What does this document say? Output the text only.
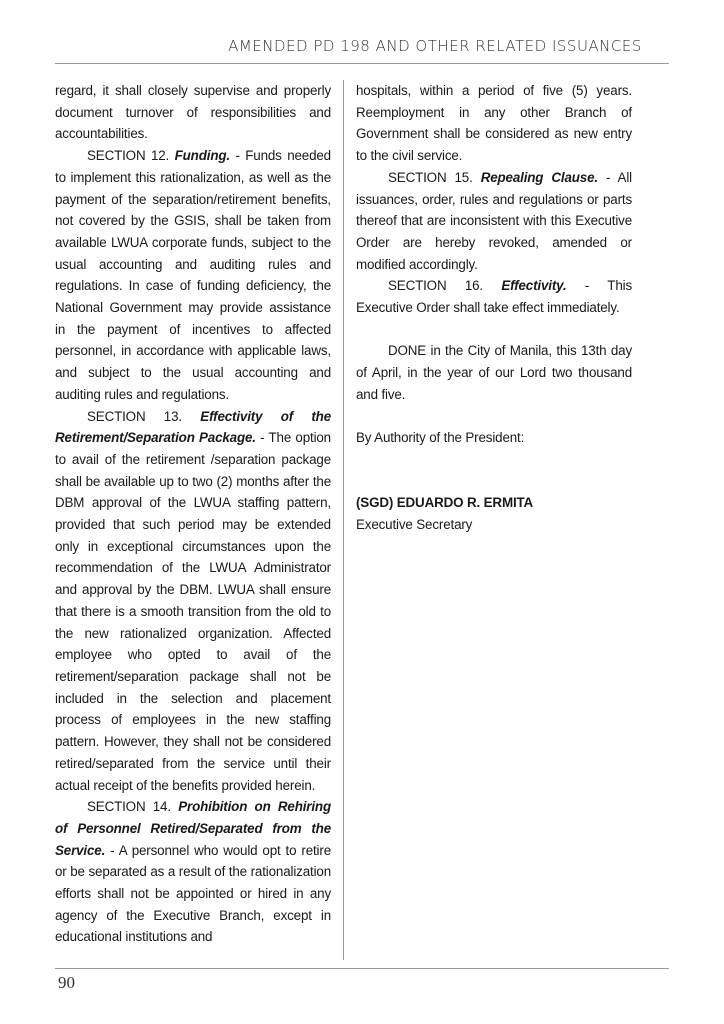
AMENDED PD 198 AND OTHER RELATED ISSUANCES

regard, it shall closely supervise and properly document turnover of responsibilities and accountabilities.

SECTION 12. Funding. - Funds needed to implement this rationalization, as well as the payment of the separation/retirement benefits, not covered by the GSIS, shall be taken from available LWUA corporate funds, subject to the usual accounting and auditing rules and regulations. In case of funding deficiency, the National Government may provide assistance in the payment of incentives to affected personnel, in accordance with applicable laws, and subject to the usual accounting and auditing rules and regulations.

SECTION 13. Effectivity of the Retirement/Separation Package. - The option to avail of the retirement /separation package shall be available up to two (2) months after the DBM approval of the LWUA staffing pattern, provided that such period may be extended only in exceptional circumstances upon the recommendation of the LWUA Administrator and approval by the DBM. LWUA shall ensure that there is a smooth transition from the old to the new rationalized organization. Affected employee who opted to avail of the retirement/separation package shall not be included in the selection and placement process of employees in the new staffing pattern. However, they shall not be considered retired/separated from the service until their actual receipt of the benefits provided herein.

SECTION 14. Prohibition on Rehiring of Personnel Retired/Separated from the Service. - A personnel who would opt to retire or be separated as a result of the rationalization efforts shall not be appointed or hired in any agency of the Executive Branch, except in educational institutions and

hospitals, within a period of five (5) years. Reemployment in any other Branch of Government shall be considered as new entry to the civil service.

SECTION 15. Repealing Clause. - All issuances, order, rules and regulations or parts thereof that are inconsistent with this Executive Order are hereby revoked, amended or modified accordingly.

SECTION 16. Effectivity. - This Executive Order shall take effect immediately.

DONE in the City of Manila, this 13th day of April, in the year of our Lord two thousand and five.

By Authority of the President:

(SGD) EDUARDO R. ERMITA

Executive Secretary

90
